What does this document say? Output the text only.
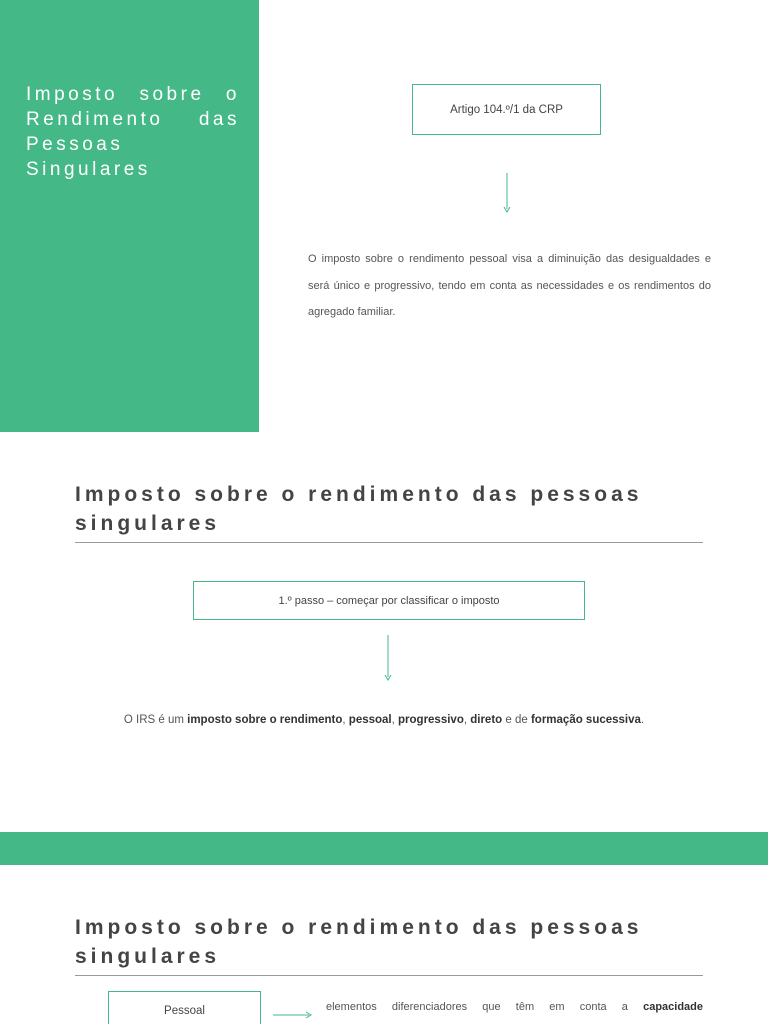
Imposto sobre o Rendimento das Pessoas Singulares
Artigo 104.º/1 da CRP

O imposto sobre o rendimento pessoal visa a diminuição das desigualdades e será único e progressivo, tendo em conta as necessidades e os rendimentos do agregado familiar.

Imposto sobre o rendimento das pessoas singulares
1.º passo – começar por classificar o imposto

O IRS é um imposto sobre o rendimento, pessoal, progressivo, direto e de formação sucessiva.

Imposto sobre o rendimento das pessoas singulares
Pessoal	elementos diferenciadores que têm em conta a capacidade
